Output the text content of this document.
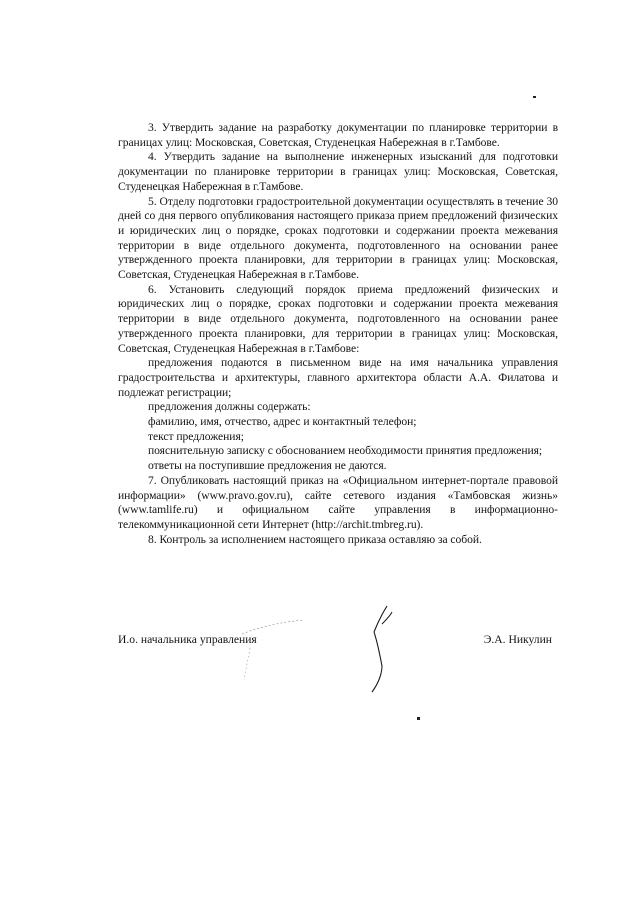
3. Утвердить задание на разработку документации по планировке территории в границах улиц: Московская, Советская, Студенецкая Набережная в г.Тамбове.

4. Утвердить задание на выполнение инженерных изысканий для подготовки документации по планировке территории в границах улиц: Московская, Советская, Студенецкая Набережная в г.Тамбове.

5. Отделу подготовки градостроительной документации осуществлять в течение 30 дней со дня первого опубликования настоящего приказа прием предложений физических и юридических лиц о порядке, сроках подготовки и содержании проекта межевания территории в виде отдельного документа, подготовленного на основании ранее утвержденного проекта планировки, для территории в границах улиц: Московская, Советская, Студенецкая Набережная в г.Тамбове.

6. Установить следующий порядок приема предложений физических и юридических лиц о порядке, сроках подготовки и содержании проекта межевания территории в виде отдельного документа, подготовленного на основании ранее утвержденного проекта планировки, для территории в границах улиц: Московская, Советская, Студенецкая Набережная в г.Тамбове:

предложения подаются в письменном виде на имя начальника управления градостроительства и архитектуры, главного архитектора области А.А. Филатова и подлежат регистрации;

предложения должны содержать:

фамилию, имя, отчество, адрес и контактный телефон;

текст предложения;

пояснительную записку с обоснованием необходимости принятия предложения;

ответы на поступившие предложения не даются.

7. Опубликовать настоящий приказ на «Официальном интернет-портале правовой информации» (www.pravo.gov.ru), сайте сетевого издания «Тамбовская жизнь» (www.tamlife.ru) и официальном сайте управления в информационно-телекоммуникационной сети Интернет (http://archit.tmbreg.ru).

8. Контроль за исполнением настоящего приказа оставляю за собой.

И.о. начальника управления	Э.А. Никулин
